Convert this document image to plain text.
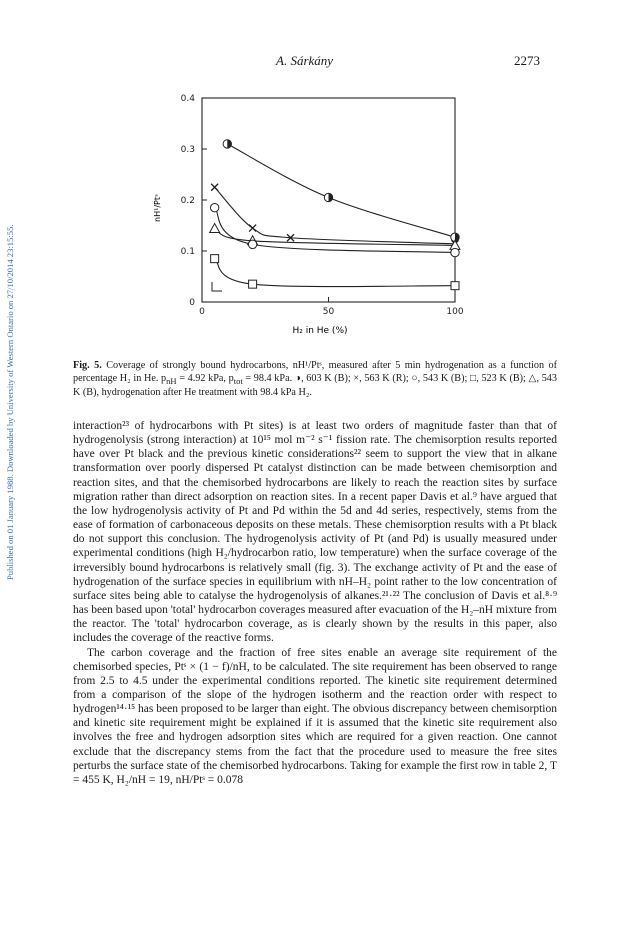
Published on 01 January 1988. Downloaded by University of Western Ontario on 27/10/2014 23:15:55.
A. Sárkány	2273
0	50	100
0
0.1
0.2
0.3
0.4
H₂ in He (%)
nH¹/Ptˢ
Fig. 5. Coverage of strongly bound hydrocarbons, nH¹/Ptˢ, measured after 5 min hydrogenation as a function of percentage H₂ in He. $p_{nH} = 4.92$ kPa, $p_{tot} = 98.4$ kPa. ◑, 603 K (B); ×, 563 K (R); ○, 543 K (B); □, 523 K (B); △, 543 K (B), hydrogenation after He treatment with 98.4 kPa H₂.

interaction²³ of hydrocarbons with Pt sites) is at least two orders of magnitude faster than that of hydrogenolysis (strong interaction) at 10¹⁵ mol m⁻² s⁻¹ fission rate. The chemisorption results reported have over Pt black and the previous kinetic considerations²² seem to support the view that in alkane transformation over poorly dispersed Pt catalyst distinction can be made between chemisorption and reaction sites, and that the chemisorbed hydrocarbons are likely to reach the reaction sites by surface migration rather than direct adsorption on reaction sites. In a recent paper Davis et al.⁹ have argued that the low hydrogenolysis activity of Pt and Pd within the 5d and 4d series, respectively, stems from the ease of formation of carbonaceous deposits on these metals. These chemisorption results with a Pt black do not support this conclusion. The hydrogenolysis activity of Pt (and Pd) is usually measured under experimental conditions (high H₂/hydrocarbon ratio, low temperature) when the surface coverage of the irreversibly bound hydrocarbons is relatively small (fig. 3). The exchange activity of Pt and the ease of hydrogenation of the surface species in equilibrium with nH–H₂ point rather to the low concentration of surface sites being able to catalyse the hydrogenolysis of alkanes.²¹·²² The conclusion of Davis et al.⁸·⁹ has been based upon 'total' hydrocarbon coverages measured after evacuation of the H₂–nH mixture from the reactor. The 'total' hydrocarbon coverage, as is clearly shown by the results in this paper, also includes the coverage of the reactive forms.

The carbon coverage and the fraction of free sites enable an average site requirement of the chemisorbed species, Ptˢ × (1 − f)/nH, to be calculated. The site requirement has been observed to range from 2.5 to 4.5 under the experimental conditions reported. The kinetic site requirement determined from a comparison of the slope of the hydrogen isotherm and the reaction order with respect to hydrogen¹⁴·¹⁵ has been proposed to be larger than eight. The obvious discrepancy between chemisorption and kinetic site requirement might be explained if it is assumed that the kinetic site requirement also involves the free and hydrogen adsorption sites which are required for a given reaction. One cannot exclude that the discrepancy stems from the fact that the procedure used to measure the free sites perturbs the surface state of the chemisorbed hydrocarbons. Taking for example the first row in table 2, T = 455 K, H₂/nH = 19, nH/Ptˢ = 0.078
